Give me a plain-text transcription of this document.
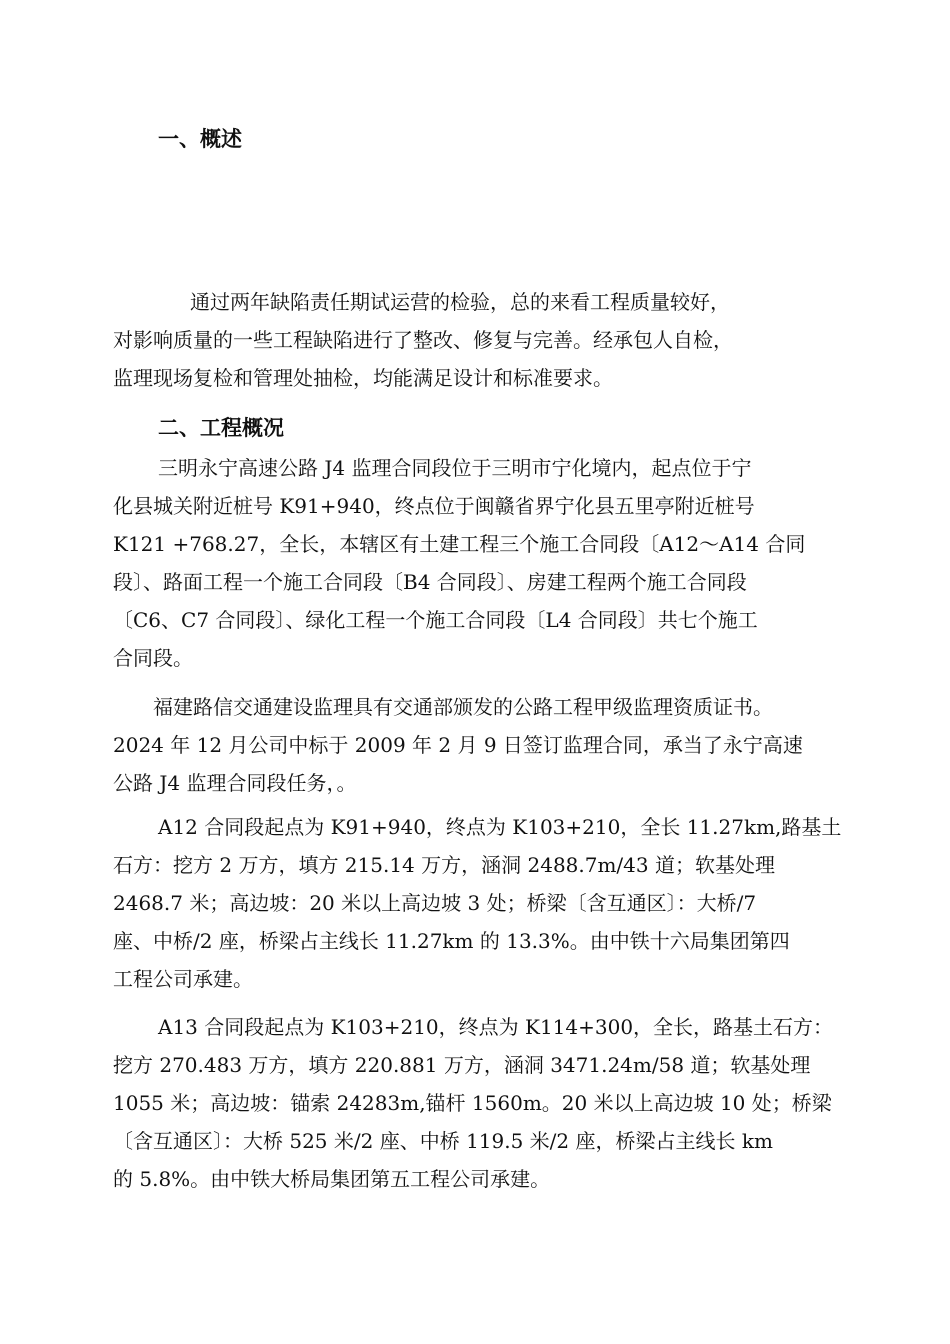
一、概述

通过两年缺陷责任期试运营的检验，总的来看工程质量较好，
对影响质量的一些工程缺陷进行了整改、修复与完善。经承包人自检，
监理现场复检和管理处抽检，均能满足设计和标准要求。

二、工程概况

三明永宁高速公路 J4 监理合同段位于三明市宁化境内，起点位于宁
化县城关附近桩号 K91+940，终点位于闽赣省界宁化县五里亭附近桩号
K121 +768.27，全长，本辖区有土建工程三个施工合同段〔A12～A14 合同
段〕、路面工程一个施工合同段〔B4 合同段〕、房建工程两个施工合同段
〔C6、C7 合同段〕、绿化工程一个施工合同段〔L4 合同段〕共七个施工
合同段。

福建路信交通建设监理具有交通部颁发的公路工程甲级监理资质证书。
2024 年 12 月公司中标于 2009 年 2 月 9 日签订监理合同，承当了永宁高速
公路 J4 监理合同段任务，。

A12 合同段起点为 K91+940，终点为 K103+210，全长 11.27km,路基土
石方：挖方 2 万方，填方 215.14 万方，涵洞 2488.7m/43 道；软基处理
2468.7 米；高边坡：20 米以上高边坡 3 处；桥梁〔含互通区〕：大桥/7
座、中桥/2 座，桥梁占主线长 11.27km 的 13.3%。由中铁十六局集团第四
工程公司承建。

A13 合同段起点为 K103+210，终点为 K114+300，全长，路基土石方：
挖方 270.483 万方，填方 220.881 万方，涵洞 3471.24m/58 道；软基处理
1055 米；高边坡：锚索 24283m,锚杆 1560m。20 米以上高边坡 10 处；桥梁
〔含互通区〕：大桥 525 米/2 座、中桥 119.5 米/2 座，桥梁占主线长 km
的 5.8%。由中铁大桥局集团第五工程公司承建。
